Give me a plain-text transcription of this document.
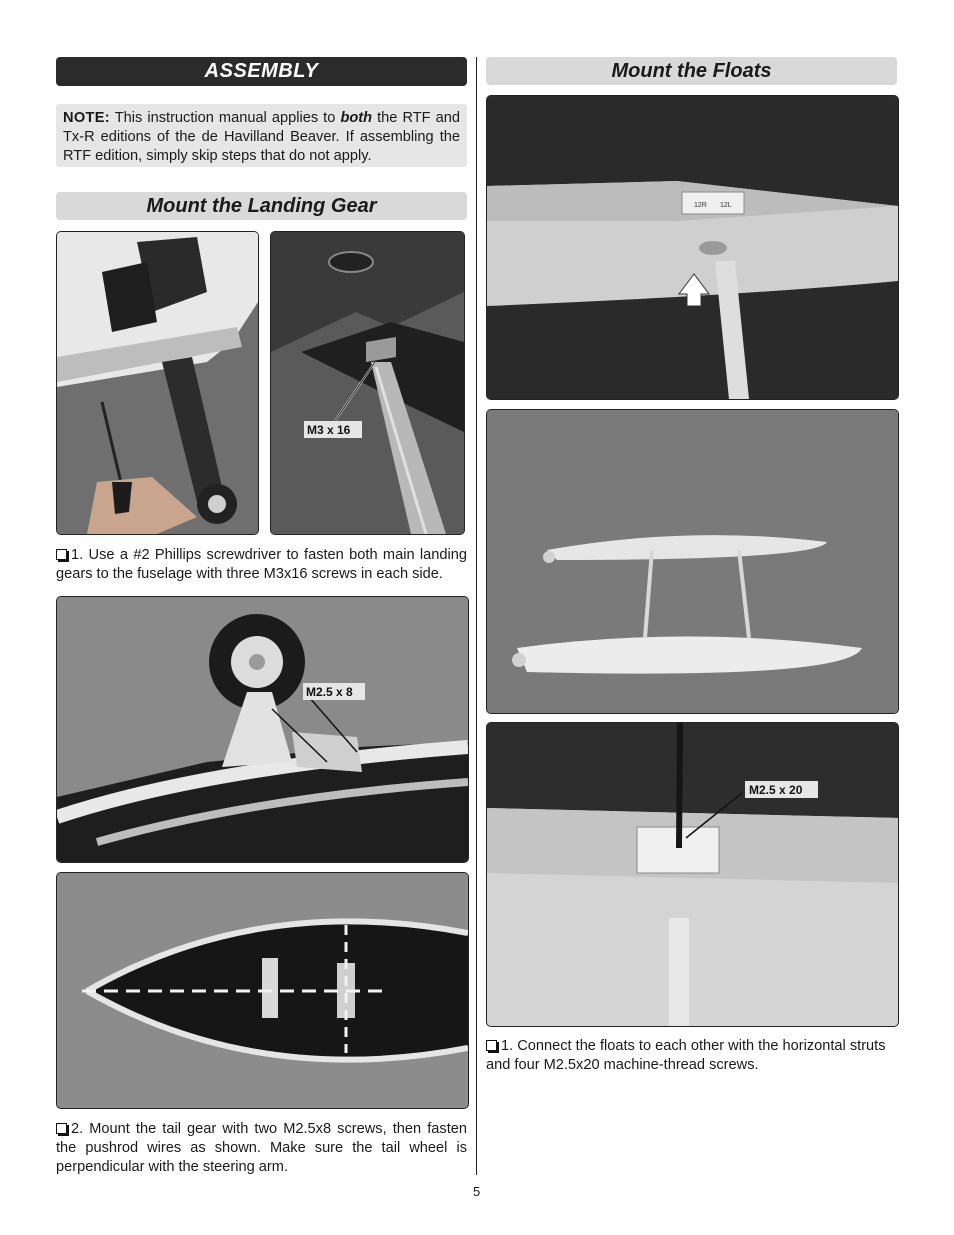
ASSEMBLY
NOTE: This instruction manual applies to both the RTF and Tx-R editions of the de Havilland Beaver. If assembling the RTF edition, simply skip steps that do not apply.
Mount the Landing Gear
M3 x 16
1. Use a #2 Phillips screwdriver to fasten both main landing gears to the fuselage with three M3x16 screws in each side.
M2.5 x 8
2. Mount the tail gear with two M2.5x8 screws, then fasten the pushrod wires as shown. Make sure the tail wheel is perpendicular with the steering arm.
Mount the Floats
12R 12L
M2.5 x 20
1. Connect the floats to each other with the horizontal struts and four M2.5x20 machine-thread screws.
5
